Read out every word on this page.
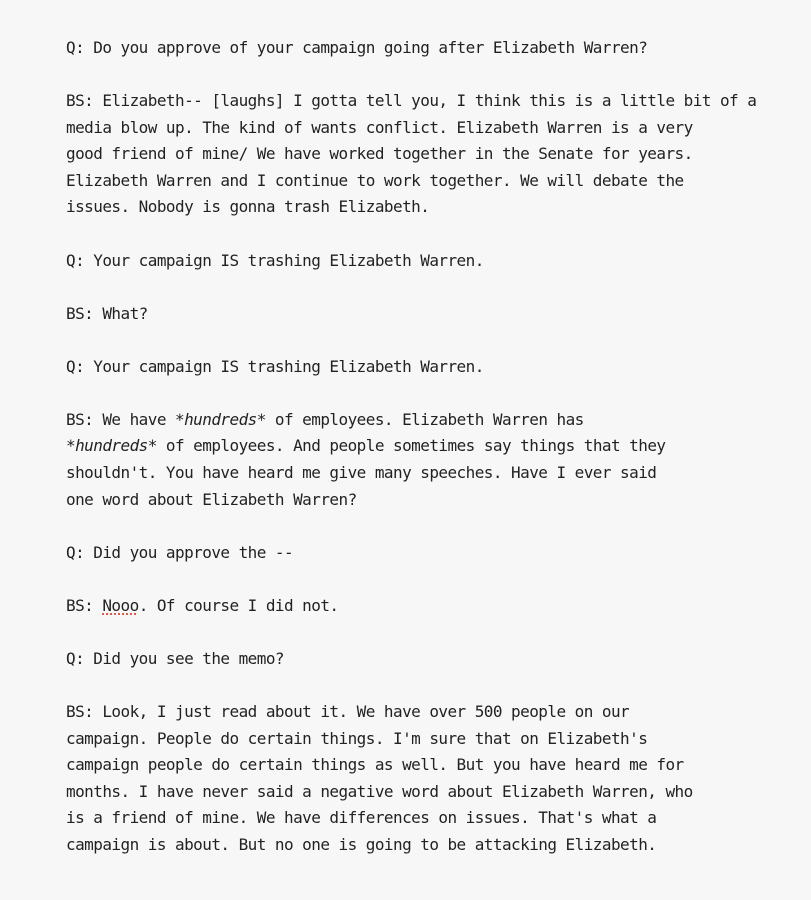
Q: Do you approve of your campaign going after Elizabeth Warren?

BS: Elizabeth-- [laughs] I gotta tell you, I think this is a little bit of a
media blow up. The kind of wants conflict. Elizabeth Warren is a very
good friend of mine/ We have worked together in the Senate for years.
Elizabeth Warren and I continue to work together. We will debate the
issues. Nobody is gonna trash Elizabeth.

Q: Your campaign IS trashing Elizabeth Warren.

BS: What?

Q: Your campaign IS trashing Elizabeth Warren.

BS: We have *hundreds* of employees. Elizabeth Warren has
*hundreds* of employees. And people sometimes say things that they
shouldn't. You have heard me give many speeches. Have I ever said
one word about Elizabeth Warren?

Q: Did you approve the --

BS: Nooo. Of course I did not.

Q: Did you see the memo?

BS: Look, I just read about it. We have over 500 people on our
campaign. People do certain things. I'm sure that on Elizabeth's
campaign people do certain things as well. But you have heard me for
months. I have never said a negative word about Elizabeth Warren, who
is a friend of mine. We have differences on issues. That's what a
campaign is about. But no one is going to be attacking Elizabeth.
